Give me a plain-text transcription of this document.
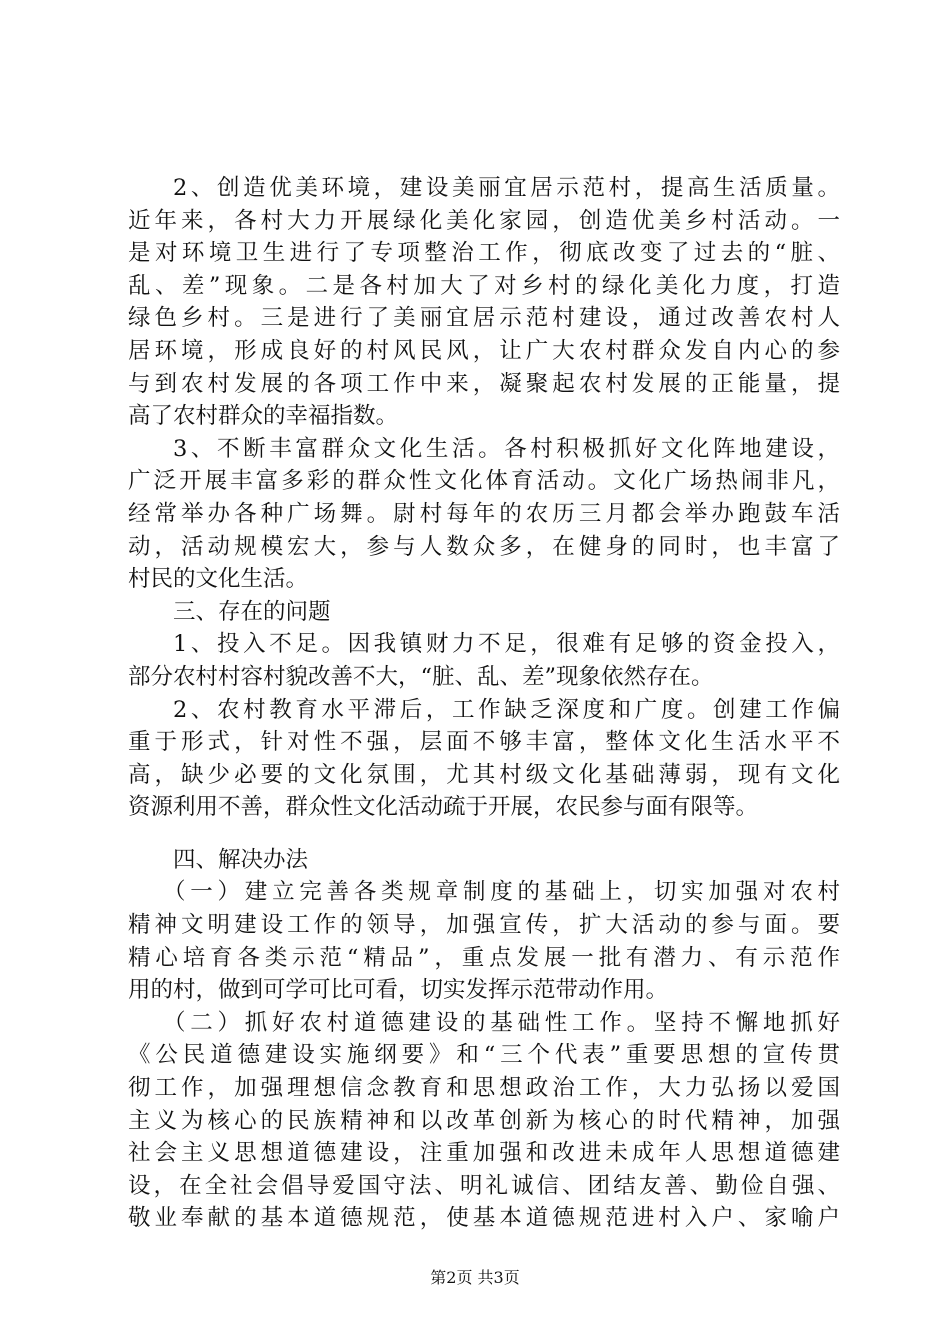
2、创造优美环境，建设美丽宜居示范村，提高生活质量。
近年来，各村大力开展绿化美化家园，创造优美乡村活动。一
是对环境卫生进行了专项整治工作，彻底改变了过去的“脏、
乱、差”现象。二是各村加大了对乡村的绿化美化力度，打造
绿色乡村。三是进行了美丽宜居示范村建设，通过改善农村人
居环境，形成良好的村风民风，让广大农村群众发自内心的参
与到农村发展的各项工作中来，凝聚起农村发展的正能量，提
高了农村群众的幸福指数。
3、不断丰富群众文化生活。各村积极抓好文化阵地建设，
广泛开展丰富多彩的群众性文化体育活动。文化广场热闹非凡，
经常举办各种广场舞。尉村每年的农历三月都会举办跑鼓车活
动，活动规模宏大，参与人数众多，在健身的同时，也丰富了
村民的文化生活。
三、存在的问题
1、投入不足。因我镇财力不足，很难有足够的资金投入，
部分农村村容村貌改善不大，“脏、乱、差”现象依然存在。
2、农村教育水平滞后，工作缺乏深度和广度。创建工作偏
重于形式，针对性不强，层面不够丰富，整体文化生活水平不
高，缺少必要的文化氛围，尤其村级文化基础薄弱，现有文化
资源利用不善，群众性文化活动疏于开展，农民参与面有限等。
四、解决办法
（一）建立完善各类规章制度的基础上，切实加强对农村
精神文明建设工作的领导，加强宣传，扩大活动的参与面。要
精心培育各类示范“精品”，重点发展一批有潜力、有示范作
用的村，做到可学可比可看，切实发挥示范带动作用。
（二）抓好农村道德建设的基础性工作。坚持不懈地抓好
《公民道德建设实施纲要》和“三个代表”重要思想的宣传贯
彻工作，加强理想信念教育和思想政治工作，大力弘扬以爱国
主义为核心的民族精神和以改革创新为核心的时代精神，加强
社会主义思想道德建设，注重加强和改进未成年人思想道德建
设，在全社会倡导爱国守法、明礼诚信、团结友善、勤俭自强、
敬业奉献的基本道德规范，使基本道德规范进村入户、家喻户
第2页 共3页
